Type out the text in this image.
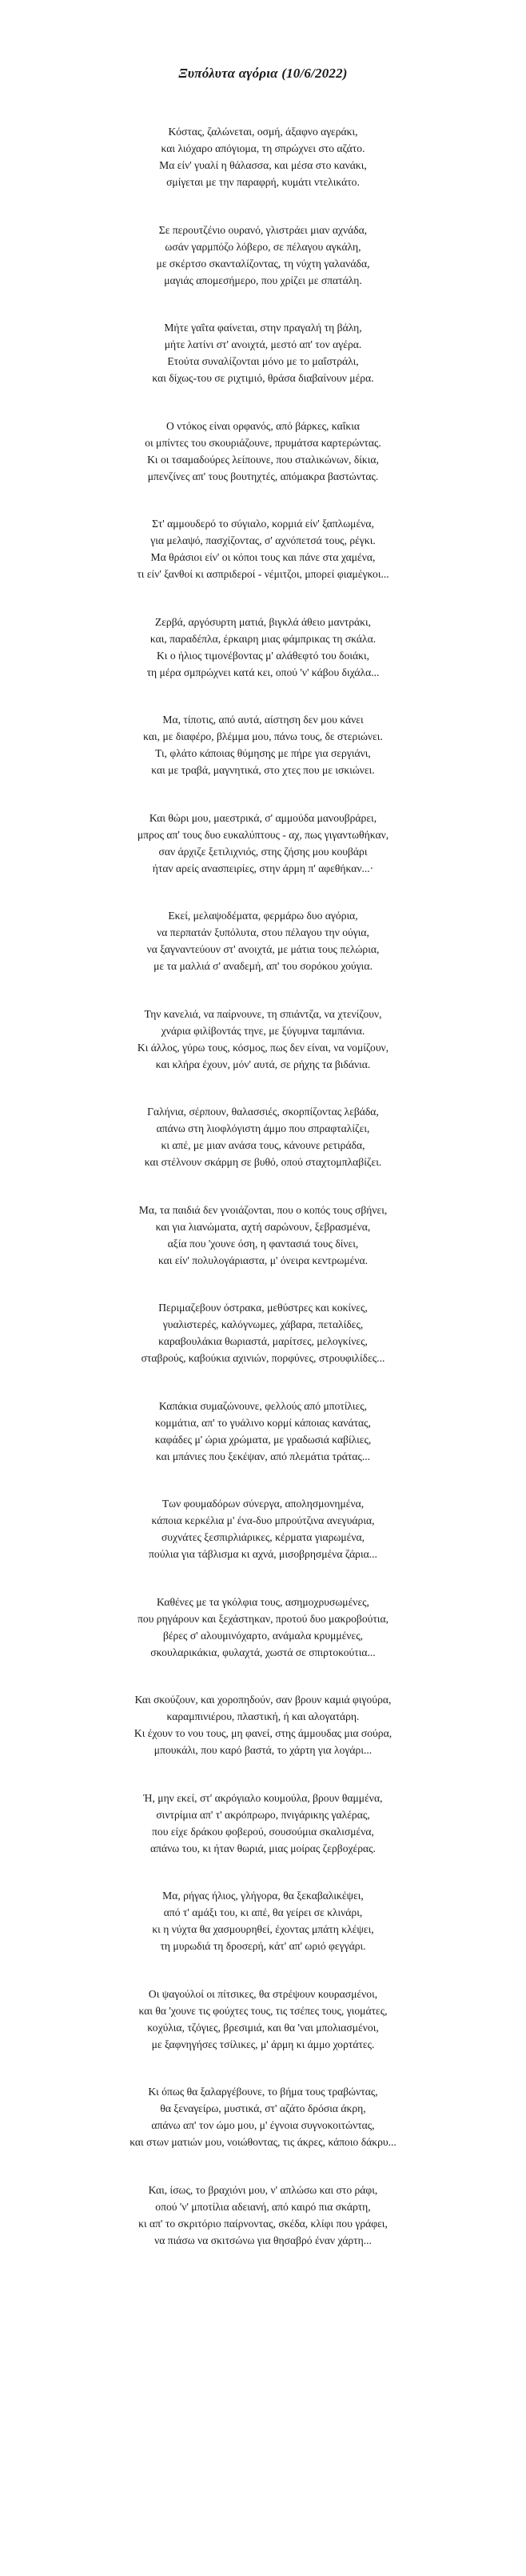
Ξυπόλυτα αγόρια (10/6/2022)
Κόστας, ζαλώνεται, οσμή, άξαφνο αγεράκι,
και λιόχαρο απόγιομα, τη σπρώχνει στο αζάτο.
Μα είν' γυαλί η θάλασσα, και μέσα στο κανάκι,
σμίγεται με την παραφρή, κυμάτι ντελικάτο.
Σε περουτζένιο ουρανό, γλιστράει μιαν αχνάδα,
ωσάν γαρμπόζο λόβερο, σε πέλαγου αγκάλη,
με σκέρτσο σκανταλίζοντας, τη νύχτη γαλανάδα,
μαγιάς απομεσήμερο, που χρίζει με σπατάλη.
Μήτε γαΐτα φαίνεται, στην πραγαλή τη βάλη,
μήτε λατίνι στ' ανοιχτά, μεστό απ' τον αγέρα.
Ετούτα συναλίζονται μόνο με το μαΐστράλι,
και δίχως-του σε ριχτιμιό, θράσα διαβαίνουν μέρα.
Ο ντόκος είναι ορφανός, από βάρκες, καΐκια
οι μπίντες του σκουριάζουνε, πρυμάτσα καρτερώντας.
Κι οι τσαμαδούρες λείπουνε, που σταλικώνων, δίκια,
μπενζίνες απ' τους βουτηχτές, απόμακρα βαστώντας.
Στ' αμμουδερό το σύγιαλο, κορμιά είν' ξαπλωμένα,
για μελαψό, πασχίζοντας, σ' αχνόπετσά τους, ρέγκι.
Μα θράσιοι είν' οι κόποι τους και πάνε στα χαμένα,
τι είν' ξανθοί κι ασπριδεροί - νέμιτζοι, μπορεί φιαμέγκοι...
Ζερβά, αργόσυρτη ματιά, βιγκλά άθειο μαντράκι,
και, παραδέπλα, έρκαιρη μιας φάμπρικας τη σκάλα.
Κι ο ήλιος τιμονέβοντας μ' αλάθεφτό του δοιάκι,
τη μέρα σμπρώχνει κατά κει, οπού 'ν' κάβου διχάλα...
Μα, τίποτις, από αυτά, αίστηση δεν μου κάνει
και, με διαφέρο, βλέμμα μου, πάνω τους, δε στεριώνει.
Τι, φλάτο κάποιας θύμησης με πήρε για σεργιάνι,
και με τραβά, μαγνητικά, στο χτες που με ισκιώνει.
Και θώρι μου, μαεστρικά, σ' αμμούδα μανουβράρει,
μπρος απ' τους δυο ευκαλύπτους - αχ, πως γιγαντωθήκαν,
σαν άρχιζε ξετιλιχνιός, στης ζήσης μου κουβάρι
ήταν αρείς ανασπειρίες, στην άρμη π' αφεθήκαν...·
Εκεί, μελαψοδέματα, φερμάρω δυο αγόρια,
να περπατάν ξυπόλυτα, στου πέλαγου την ούγια,
να ξαγναντεύουν στ' ανοιχτά, με μάτια τους πελώρια,
με τα μαλλιά σ' αναδεμή, απ' του σορόκου χούγια.
Την κανελιά, να παίρνουνε, τη σπιάντζα, να χτενίζουν,
χνάρια φιλίβοντάς τηνε, με ξύγυμνα ταμπάνια.
Κι άλλος, γύρω τους, κόσμος, πως δεν είναι, να νομίζουν,
και κλήρα έχουν, μόν' αυτά, σε ρήχης τα βιδάνια.
Γαλήνια, σέρπουν, θαλασσιές, σκορπίζοντας λεβάδα,
απάνω στη λιοφλόγιστη άμμο που σπραφταλίζει,
κι απέ, με μιαν ανάσα τους, κάνουνε ρετιράδα,
και στέλνουν σκάρμη σε βυθό, οπού σταχτομπλαβίζει.
Μα, τα παιδιά δεν γνοιάζονται, που ο κοπός τους σβήνει,
και για λιανώματα, αχτή σαρώνουν, ξεβρασμένα,
αξία που 'χουνε όση, η φαντασιά τους δίνει,
και είν' πολυλογάριαστα, μ' όνειρα κεντρωμένα.
Περιμαζεβουν όστρακα, μεθύστρες και κοκίνες,
γυαλιστερές, καλόγνωμες, χάβαρα, πεταλίδες,
καραβουλάκια θωριαστά, μαρίτσες, μελογκίνες,
σταβρούς, καβούκια αχινιών, πορφύνες, στρουφιλίδες...
Καπάκια συμαζώνουνε, φελλούς από μποτίλιες,
κομμάτια, απ' το γυάλινο κορμί κάποιας κανάτας,
καφάδες μ' ώρια χρώματα, με γραδωσιά καβίλιες,
και μπάνιες που ξεκέψαν, από πλεμάτια τράτας...
Των φουμαδόρων σύνεργα, απολησμονημένα,
κάποια κερκέλια μ' ένα-δυο μπρούτζινα ανεγυάρια,
συχνάτες ξεσπιρλιάρικες, κέρματα γιαρωμένα,
πούλια για τάβλισμα κι αχνά, μισοβρησμένα ζάρια...
Καθένες με τα γκόλφια τους, ασημοχρυσωμένες,
που ρηγάρουν και ξεχάστηκαν, προτού δυο μακροβούτια,
βέρες σ' αλουμινόχαρτο, ανάμαλα κρυμμένες,
σκουλαρικάκια, φυλαχτά, χωστά σε σπιρτοκούτια...
Και σκούζουν, και χοροπηδούν, σαν βρουν καμιά φιγούρα,
καραμπινιέρου, πλαστική, ή και αλογατάρη.
Κι έχουν το νου τους, μη φανεί, στης άμμουδας μια σούρα,
μπουκάλι, που καρό βαστά, το χάρτη για λογάρι...
Ή, μην εκεί, στ' ακρόγιαλο κουμούλα, βρουν θαμμένα,
σιντρίμια απ' τ' ακρόπρωρο, πνιγάρικης γαλέρας,
που είχε δράκου φοβερού, σουσούμια σκαλισμένα,
απάνω του, κι ήταν θωριά, μιας μοίρας ζερβοχέρας.
Μα, ρήγας ήλιος, γλήγορα, θα ξεκαβαλικέψει,
από τ' αμάξι του, κι απέ, θα γείρει σε κλινάρι,
κι η νύχτα θα χασμουρηθεί, έχοντας μπάτη κλέψει,
τη μυρωδιά τη δροσερή, κάτ' απ' ωριό φεγγάρι.
Οι ψαγούλοί οι πίτσικες, θα στρέψουν κουρασμένοι,
και θα 'χουνε τις φούχτες τους, τις τσέπες τους, γιομάτες,
κοχύλια, τζόγιες, βρεσιμιά, και θα 'ναι μπολιασμένοι,
με ξαφνηγήσες τσίλικες, μ' άρμη κι άμμο χορτάτες.
Κι όπως θα ξαλαργέβουνε, το βήμα τους τραβώντας,
θα ξεναγείρω, μυστικά, στ' αζάτο δρόσια άκρη,
απάνω απ' τον ώμο μου, μ' έγνοια συγνοκοιτώντας,
και στων ματιών μου, νοιώθοντας, τις άκρες, κάποιο δάκρυ...
Και, ίσως, το βραχιόνι μου, ν' απλώσω και στο ράφι,
οπού 'ν' μποτίλια αδειανή, από καιρό πια σκάρτη,
κι απ' το σκριτόριο παίρνοντας, σκέδα, κλίφι που γράφει,
να πιάσω να σκιτσώνω για θησαβρό έναν χάρτη...
